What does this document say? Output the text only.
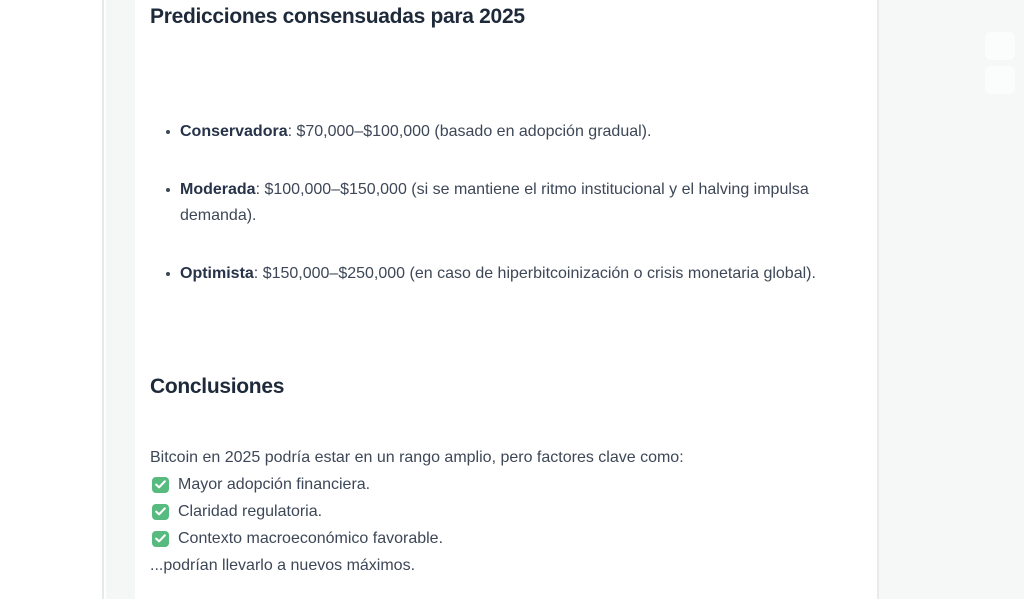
Predicciones consensuadas para 2025
Conservadora: $70,000–$100,000 (basado en adopción gradual).
Moderada: $100,000–$150,000 (si se mantiene el ritmo institucional y el halving impulsa demanda).
Optimista: $150,000–$250,000 (en caso de hiperbitcoinización o crisis monetaria global).
Conclusiones

Bitcoin en 2025 podría estar en un rango amplio, pero factores clave como:

Mayor adopción financiera.
Claridad regulatoria.
Contexto macroeconómico favorable.

...podrían llevarlo a nuevos máximos.
